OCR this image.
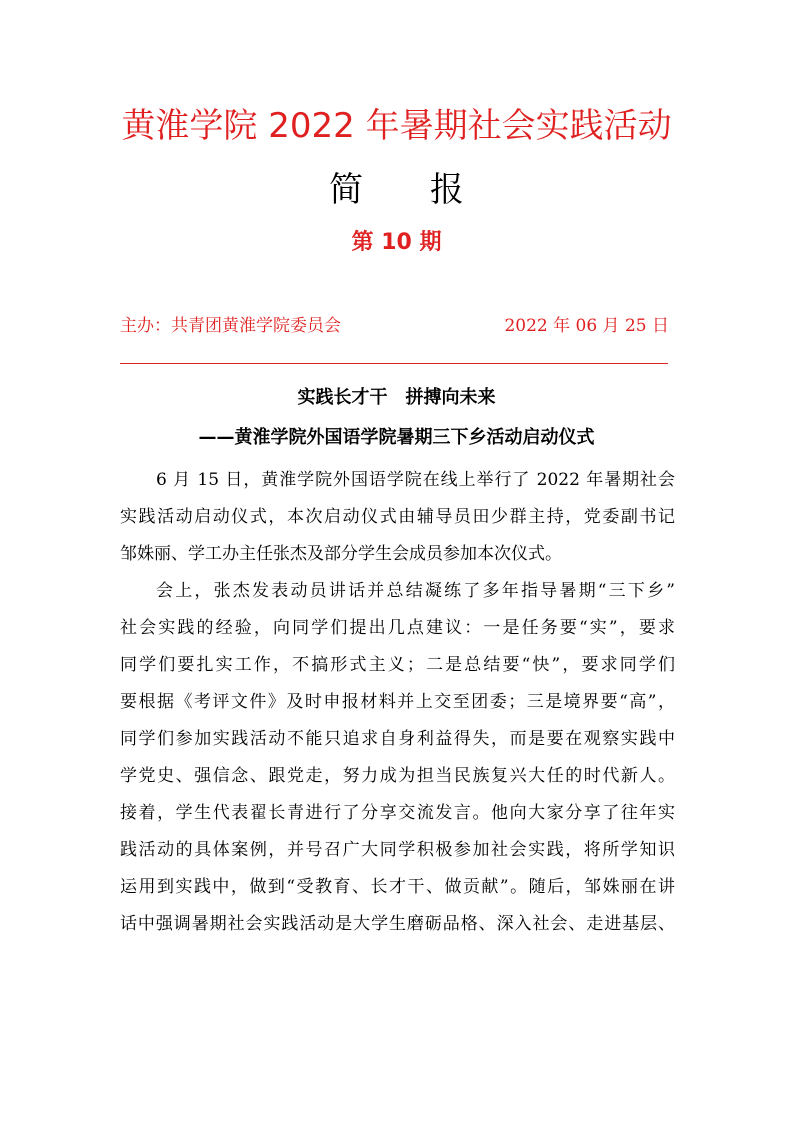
黄淮学院 2022 年暑期社会实践活动
简 报
第 10 期
主办：共青团黄淮学院委员会	2022 年 06 月 25 日
实践长才干　拼搏向未来
——黄淮学院外国语学院暑期三下乡活动启动仪式
6 月 15 日，黄淮学院外国语学院在线上举行了 2022 年暑期社会
实践活动启动仪式，本次启动仪式由辅导员田少群主持，党委副书记
邹姝丽、学工办主任张杰及部分学生会成员参加本次仪式。
会上，张杰发表动员讲话并总结凝练了多年指导暑期“三下乡”
社会实践的经验，向同学们提出几点建议：一是任务要“实”，要求
同学们要扎实工作，不搞形式主义；二是总结要“快”，要求同学们
要根据《考评文件》及时申报材料并上交至团委；三是境界要“高”，
同学们参加实践活动不能只追求自身利益得失，而是要在观察实践中
学党史、强信念、跟党走，努力成为担当民族复兴大任的时代新人。
接着，学生代表翟长青进行了分享交流发言。他向大家分享了往年实
践活动的具体案例，并号召广大同学积极参加社会实践，将所学知识
运用到实践中，做到“受教育、长才干、做贡献”。随后，邹姝丽在讲
话中强调暑期社会实践活动是大学生磨砺品格、深入社会、走进基层、
